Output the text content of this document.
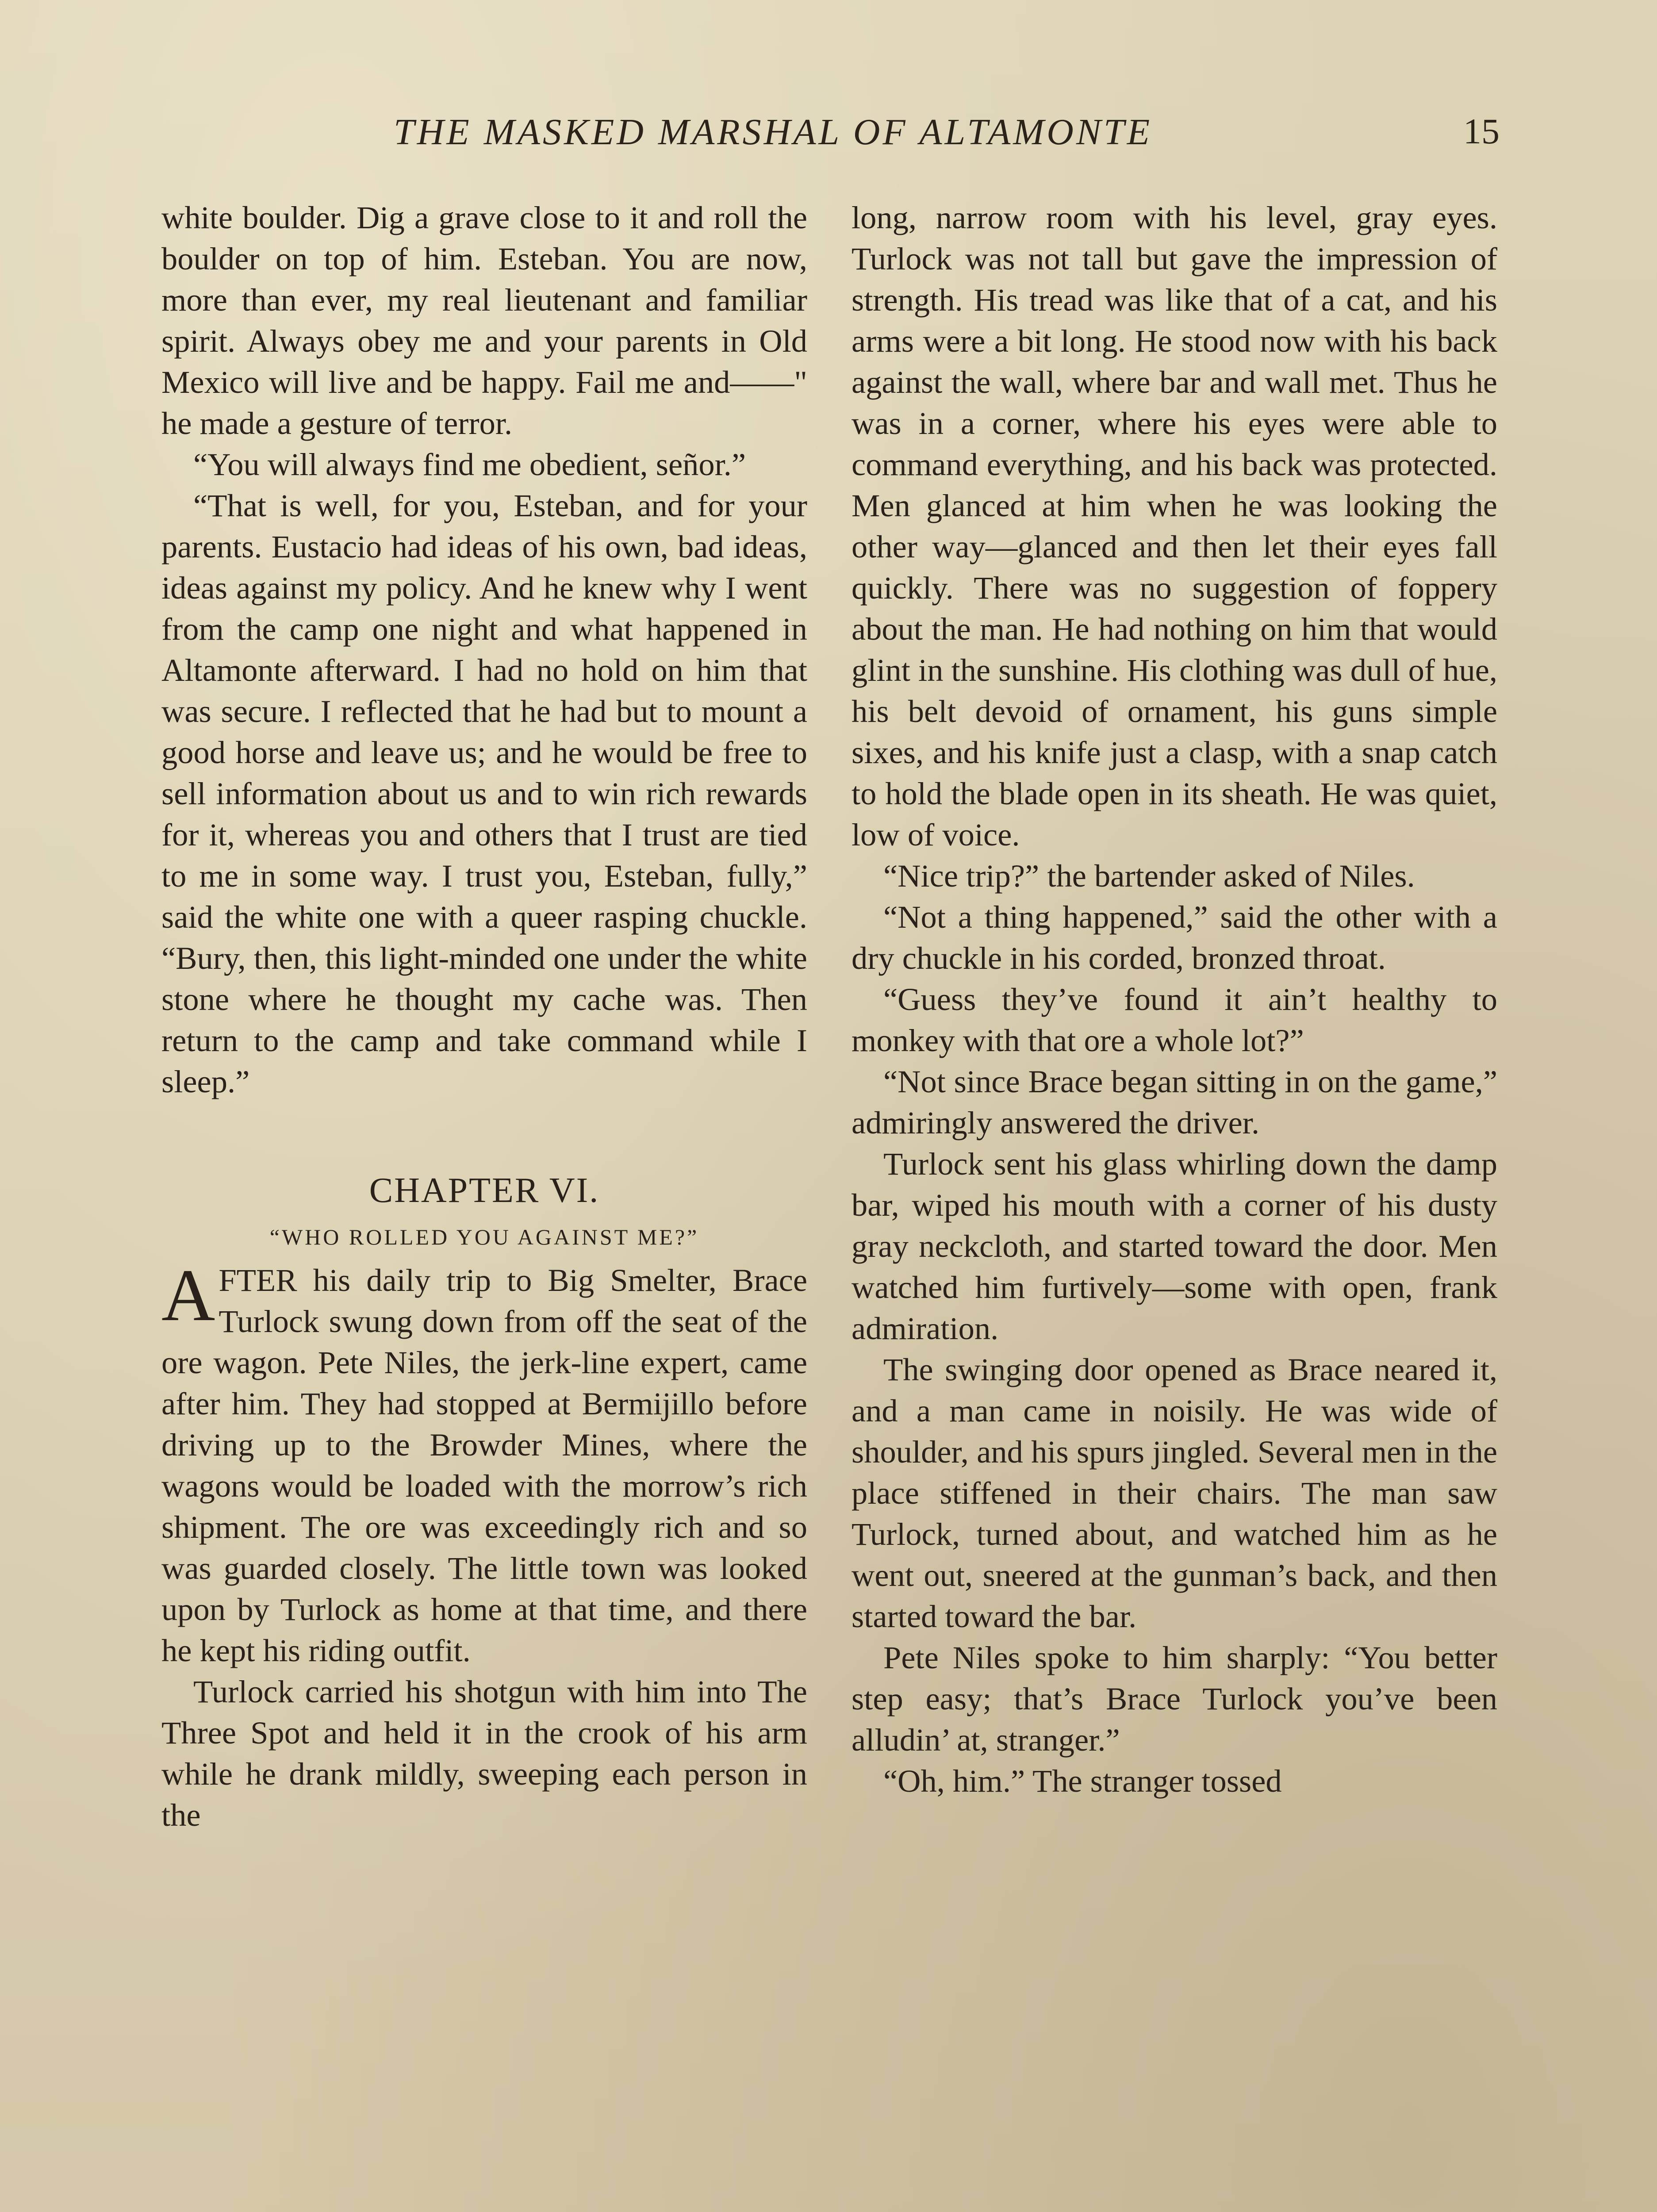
THE MASKED MARSHAL OF ALTAMONTE	15

white boulder. Dig a grave close to it and roll the boulder on top of him. Esteban. You are now, more than ever, my real lieutenant and familiar spirit. Always obey me and your parents in Old Mexico will live and be happy. Fail me and——" he made a gesture of terror.

“You will always find me obedient, señor.”

“That is well, for you, Esteban, and for your parents. Eustacio had ideas of his own, bad ideas, ideas against my policy. And he knew why I went from the camp one night and what happened in Altamonte afterward. I had no hold on him that was secure. I reflected that he had but to mount a good horse and leave us; and he would be free to sell information about us and to win rich rewards for it, whereas you and others that I trust are tied to me in some way. I trust you, Esteban, fully,” said the white one with a queer rasping chuckle. “Bury, then, this light-minded one under the white stone where he thought my cache was. Then return to the camp and take command while I sleep.”

CHAPTER VI.
“WHO ROLLED YOU AGAINST ME?”

AFTER his daily trip to Big Smelter, Brace Turlock swung down from off the seat of the ore wagon. Pete Niles, the jerk-line expert, came after him. They had stopped at Bermijillo before driving up to the Browder Mines, where the wagons would be loaded with the morrow’s rich shipment. The ore was exceedingly rich and so was guarded closely. The little town was looked upon by Turlock as home at that time, and there he kept his riding outfit.

Turlock carried his shotgun with him into The Three Spot and held it in the crook of his arm while he drank mildly, sweeping each person in the

long, narrow room with his level, gray eyes. Turlock was not tall but gave the impression of strength. His tread was like that of a cat, and his arms were a bit long. He stood now with his back against the wall, where bar and wall met. Thus he was in a corner, where his eyes were able to command everything, and his back was protected. Men glanced at him when he was looking the other way—glanced and then let their eyes fall quickly. There was no suggestion of foppery about the man. He had nothing on him that would glint in the sunshine. His clothing was dull of hue, his belt devoid of ornament, his guns simple sixes, and his knife just a clasp, with a snap catch to hold the blade open in its sheath. He was quiet, low of voice.

“Nice trip?” the bartender asked of Niles.

“Not a thing happened,” said the other with a dry chuckle in his corded, bronzed throat.

“Guess they’ve found it ain’t healthy to monkey with that ore a whole lot?”

“Not since Brace began sitting in on the game,” admiringly answered the driver.

Turlock sent his glass whirling down the damp bar, wiped his mouth with a corner of his dusty gray neckcloth, and started toward the door. Men watched him furtively—some with open, frank admiration.

The swinging door opened as Brace neared it, and a man came in noisily. He was wide of shoulder, and his spurs jingled. Several men in the place stiffened in their chairs. The man saw Turlock, turned about, and watched him as he went out, sneered at the gunman’s back, and then started toward the bar.

Pete Niles spoke to him sharply: “You better step easy; that’s Brace Turlock you’ve been alludin’ at, stranger.”

“Oh, him.” The stranger tossed
